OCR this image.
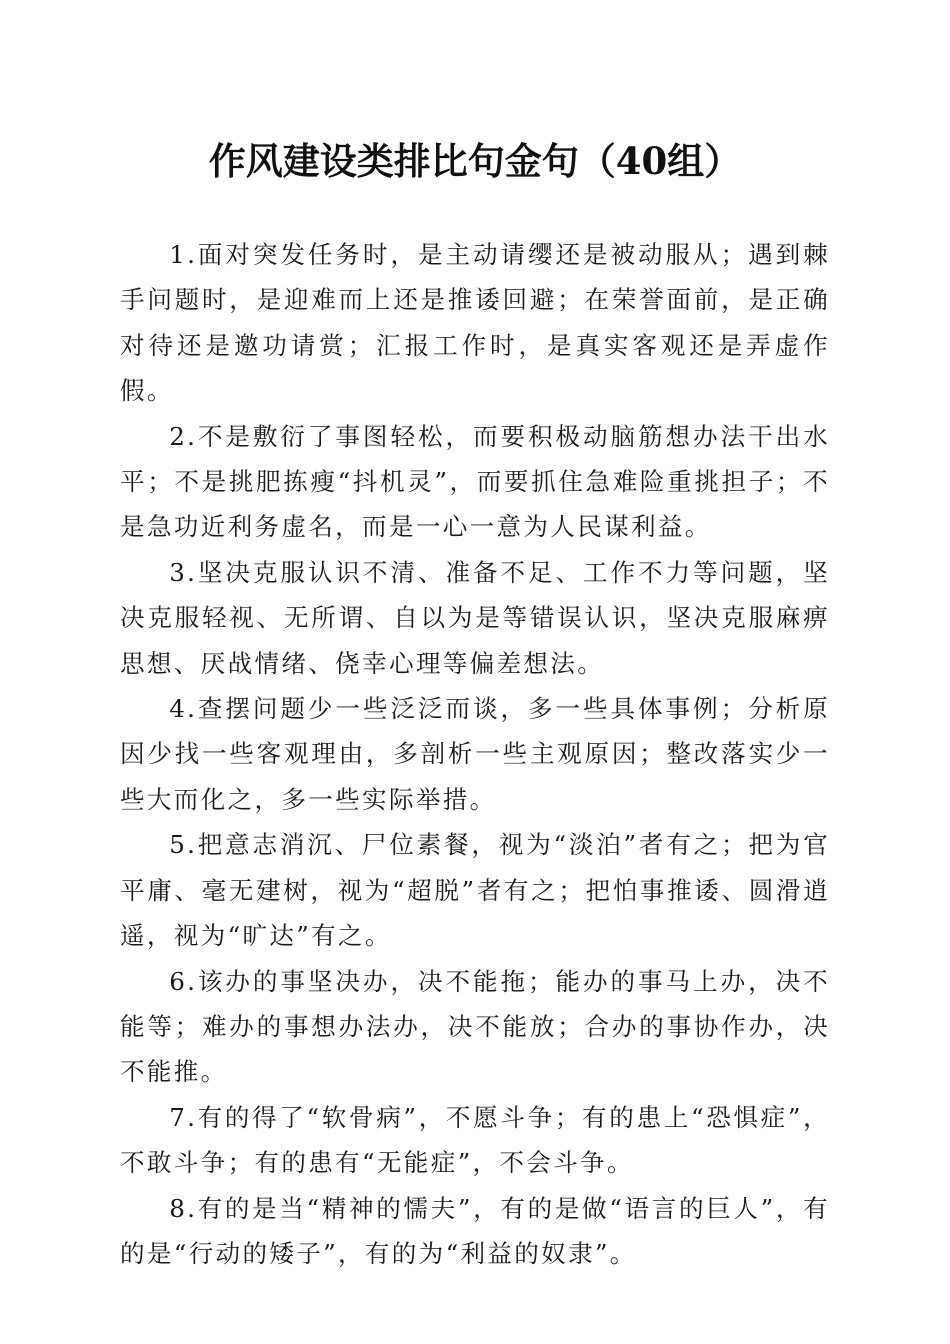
作风建设类排比句金句（40组）

1.面对突发任务时，是主动请缨还是被动服从；遇到棘手问题时，是迎难而上还是推诿回避；在荣誉面前，是正确对待还是邀功请赏；汇报工作时，是真实客观还是弄虚作假。

2.不是敷衍了事图轻松，而要积极动脑筋想办法干出水平；不是挑肥拣瘦“抖机灵”，而要抓住急难险重挑担子；不是急功近利务虚名，而是一心一意为人民谋利益。

3.坚决克服认识不清、准备不足、工作不力等问题，坚决克服轻视、无所谓、自以为是等错误认识，坚决克服麻痹思想、厌战情绪、侥幸心理等偏差想法。

4.查摆问题少一些泛泛而谈，多一些具体事例；分析原因少找一些客观理由，多剖析一些主观原因；整改落实少一些大而化之，多一些实际举措。

5.把意志消沉、尸位素餐，视为“淡泊”者有之；把为官平庸、毫无建树，视为“超脱”者有之；把怕事推诿、圆滑逍遥，视为“旷达”有之。

6.该办的事坚决办，决不能拖；能办的事马上办，决不能等；难办的事想办法办，决不能放；合办的事协作办，决不能推。

7.有的得了“软骨病”，不愿斗争；有的患上“恐惧症”，不敢斗争；有的患有“无能症”，不会斗争。

8.有的是当“精神的懦夫”，有的是做“语言的巨人”，有的是“行动的矮子”，有的为“利益的奴隶”。
